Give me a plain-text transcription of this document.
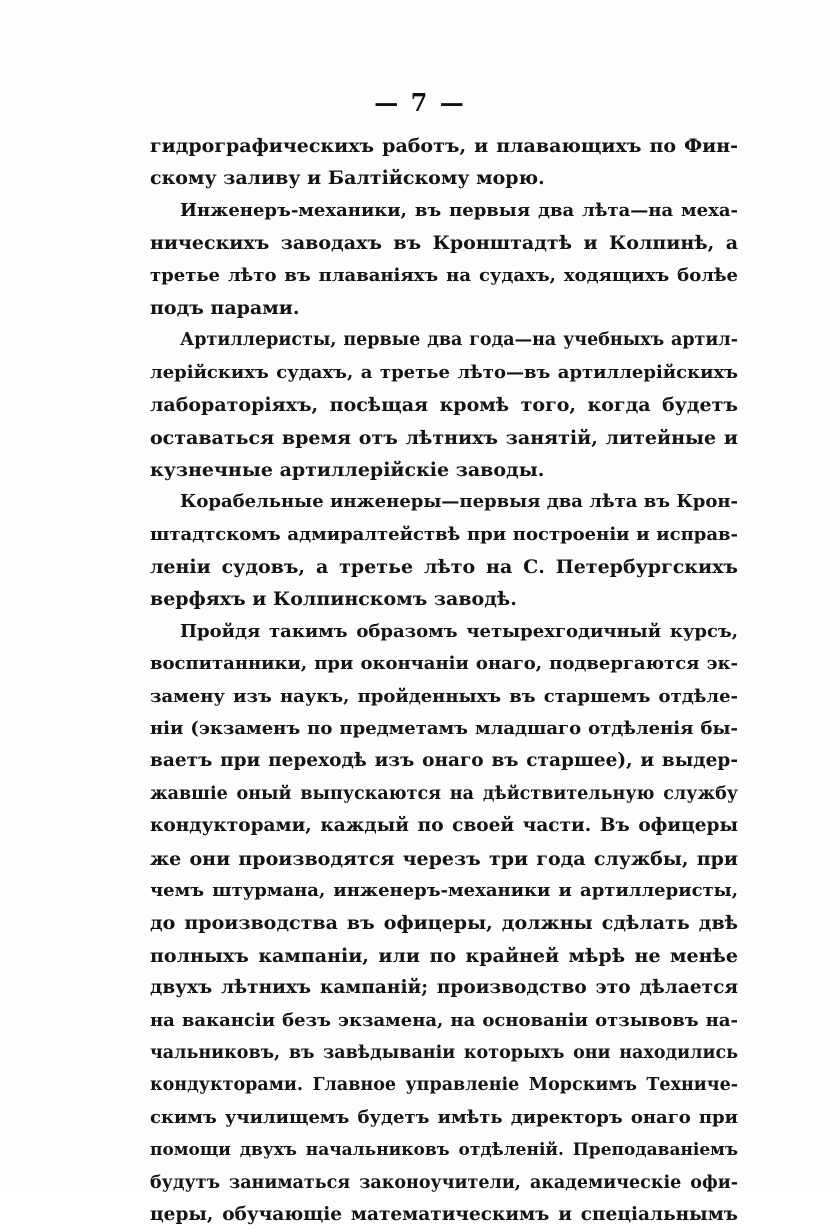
— 7 —
гидрографическихъ работъ, и плавающихъ по Фин-
скому заливу и Балтійскому морю.
Инженеръ-механики, въ первыя два лѣта—на меха-
ническихъ заводахъ въ Кронштадтѣ и Колпинѣ, а
третье лѣто въ плаваніяхъ на судахъ, ходящихъ болѣе
подъ парами.
Артиллеристы, первые два года—на учебныхъ артил-
лерійскихъ судахъ, а третье лѣто—въ артиллерійскихъ
лабораторіяхъ, посѣщая кромѣ того, когда будетъ
оставаться время отъ лѣтнихъ занятій, литейные и
кузнечные артиллерійскіе заводы.
Корабельные инженеры—первыя два лѣта въ Крон-
штадтскомъ адмиралтействѣ при построеніи и исправ-
леніи судовъ, а третье лѣто на С. Петербургскихъ
верфяхъ и Колпинскомъ заводѣ.
Пройдя такимъ образомъ четырехгодичный курсъ,
воспитанники, при окончаніи онаго, подвергаются эк-
замену изъ наукъ, пройденныхъ въ старшемъ отдѣле-
ніи (экзаменъ по предметамъ младшаго отдѣленія бы-
ваетъ при переходѣ изъ онаго въ старшее), и выдер-
жавшіе оный выпускаются на дѣйствительную службу
кондукторами, каждый по своей части. Въ офицеры
же они производятся черезъ три года службы, при
чемъ штурмана, инженеръ-механики и артиллеристы,
до производства въ офицеры, должны сдѣлать двѣ
полныхъ кампаніи, или по крайней мѣрѣ не менѣе
двухъ лѣтнихъ кампаній; производство это дѣлается
на вакансіи безъ экзамена, на основаніи отзывовъ на-
чальниковъ, въ завѣдываніи которыхъ они находились
кондукторами. Главное управленіе Морскимъ Техниче-
скимъ училищемъ будетъ имѣть директоръ онаго при
помощи двухъ начальниковъ отдѣленій. Преподаваніемъ
будутъ заниматься законоучители, академическіе офи-
церы, обучающіе математическимъ и спеціальнымъ
